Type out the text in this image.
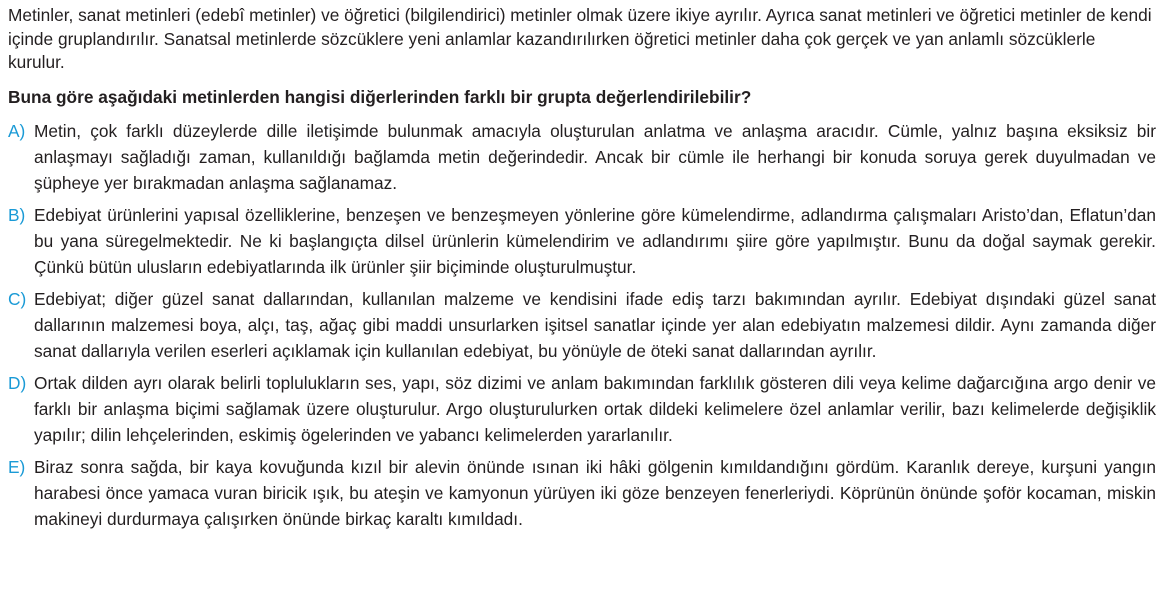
Metinler, sanat metinleri (edebî metinler) ve öğretici (bilgilendirici) metinler olmak üzere ikiye ayrılır. Ayrıca sanat metinleri ve öğretici metinler de kendi içinde gruplandırılır. Sanatsal metinlerde sözcüklere yeni anlamlar kazandırılırken öğretici metinler daha çok gerçek ve yan anlamlı sözcüklerle kurulur.

Buna göre aşağıdaki metinlerden hangisi diğerlerinden farklı bir grupta değerlendirilebilir?

A) Metin, çok farklı düzeylerde dille iletişimde bulunmak amacıyla oluşturulan anlatma ve anlaşma aracıdır. Cümle, yalnız başına eksiksiz bir anlaşmayı sağladığı zaman, kullanıldığı bağlamda metin değerindedir. Ancak bir cümle ile herhangi bir konuda soruya gerek duyulmadan ve şüpheye yer bırakmadan anlaşma sağlanamaz.
B) Edebiyat ürünlerini yapısal özelliklerine, benzeşen ve benzeşmeyen yönlerine göre kümelendirme, adlandırma çalışmaları Aristo’dan, Eflatun’dan bu yana süregelmektedir. Ne ki başlangıçta dilsel ürünlerin kümelendirim ve adlandırımı şiire göre yapılmıştır. Bunu da doğal saymak gerekir. Çünkü bütün ulusların edebiyatlarında ilk ürünler şiir biçiminde oluşturulmuştur.
C) Edebiyat; diğer güzel sanat dallarından, kullanılan malzeme ve kendisini ifade ediş tarzı bakımından ayrılır. Edebiyat dışındaki güzel sanat dallarının malzemesi boya, alçı, taş, ağaç gibi maddi unsurlarken işitsel sanatlar içinde yer alan edebiyatın malzemesi dildir. Aynı zamanda diğer sanat dallarıyla verilen eserleri açıklamak için kullanılan edebiyat, bu yönüyle de öteki sanat dallarından ayrılır.
D) Ortak dilden ayrı olarak belirli toplulukların ses, yapı, söz dizimi ve anlam bakımından farklılık gösteren dili veya kelime dağarcığına argo denir ve farklı bir anlaşma biçimi sağlamak üzere oluşturulur. Argo oluşturulurken ortak dildeki kelimelere özel anlamlar verilir, bazı kelimelerde değişiklik yapılır; dilin lehçelerinden, eskimiş ögelerinden ve yabancı kelimelerden yararlanılır.
E) Biraz sonra sağda, bir kaya kovuğunda kızıl bir alevin önünde ısınan iki hâki gölgenin kımıldandığını gördüm. Karanlık dereye, kurşuni yangın harabesi önce yamaca vuran biricik ışık, bu ateşin ve kamyonun yürüyen iki göze benzeyen fenerleriydi. Köprünün önünde şoför kocaman, miskin makineyi durdurmaya çalışırken önünde birkaç karaltı kımıldadı.
